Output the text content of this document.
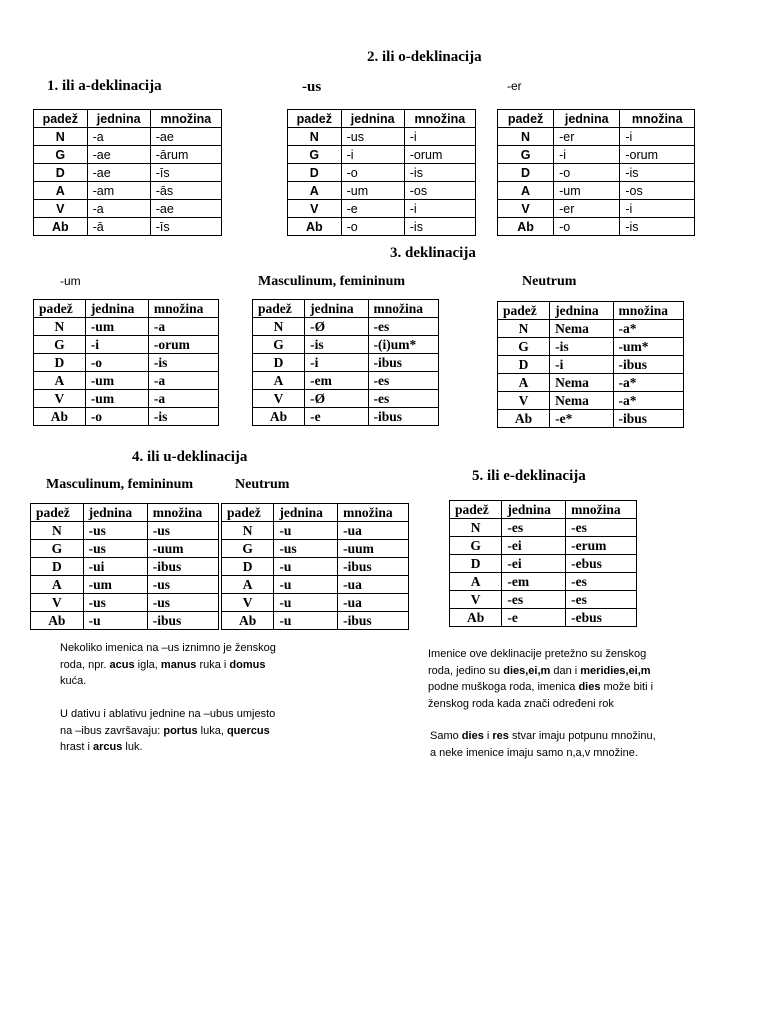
2. ili o-deklinacija
1. ili a-deklinacija	-us	-er
3. deklinacija
-um	Masculinum, femininum	Neutrum
4. ili u-deklinacija
Masculinum, femininum	Neutrum
5. ili e-deklinacija
padež	jednina	množina
N	-a	-ae
G	-ae	-ārum
D	-ae	-īs
A	-am	-ās
V	-a	-ae
Ab	-ā	-īs
padež	jednina	množina
N	-us	-i
G	-i	-orum
D	-o	-is
A	-um	-os
V	-e	-i
Ab	-o	-is
padež	jednina	množina
N	-er	-i
G	-i	-orum
D	-o	-is
A	-um	-os
V	-er	-i
Ab	-o	-is
padež	jednina	množina
N	-um	-a
G	-i	-orum
D	-o	-is
A	-um	-a
V	-um	-a
Ab	-o	-is
padež	jednina	množina
N	-Ø	-es
G	-is	-(i)um*
D	-i	-ibus
A	-em	-es
V	-Ø	-es
Ab	-e	-ibus
padež	jednina	množina
N	Nema	-a*
G	-is	-um*
D	-i	-ibus
A	Nema	-a*
V	Nema	-a*
Ab	-e*	-ibus
padež	jednina	množina
N	-us	-us
G	-us	-uum
D	-ui	-ibus
A	-um	-us
V	-us	-us
Ab	-u	-ibus
padež	jednina	množina
N	-u	-ua
G	-us	-uum
D	-u	-ibus
A	-u	-ua
V	-u	-ua
Ab	-u	-ibus
padež	jednina	množina
N	-es	-es
G	-ei	-erum
D	-ei	-ebus
A	-em	-es
V	-es	-es
Ab	-e	-ebus

Nekoliko imenica na –us iznimno je ženskog

roda, npr. acus igla, manus ruka i domus

kuća.

U dativu i ablativu jednine na –ubus umjesto

na –ibus završavaju: portus luka, quercus

hrast i arcus luk.

Imenice ove deklinacije pretežno su ženskog

roda, jedino su dies,ei,m dan i meridies,ei,m

podne muškoga roda, imenica dies može biti i

ženskog roda kada znači određeni rok

Samo dies i res stvar imaju potpunu množinu,

a neke imenice imaju samo n,a,v množine.
